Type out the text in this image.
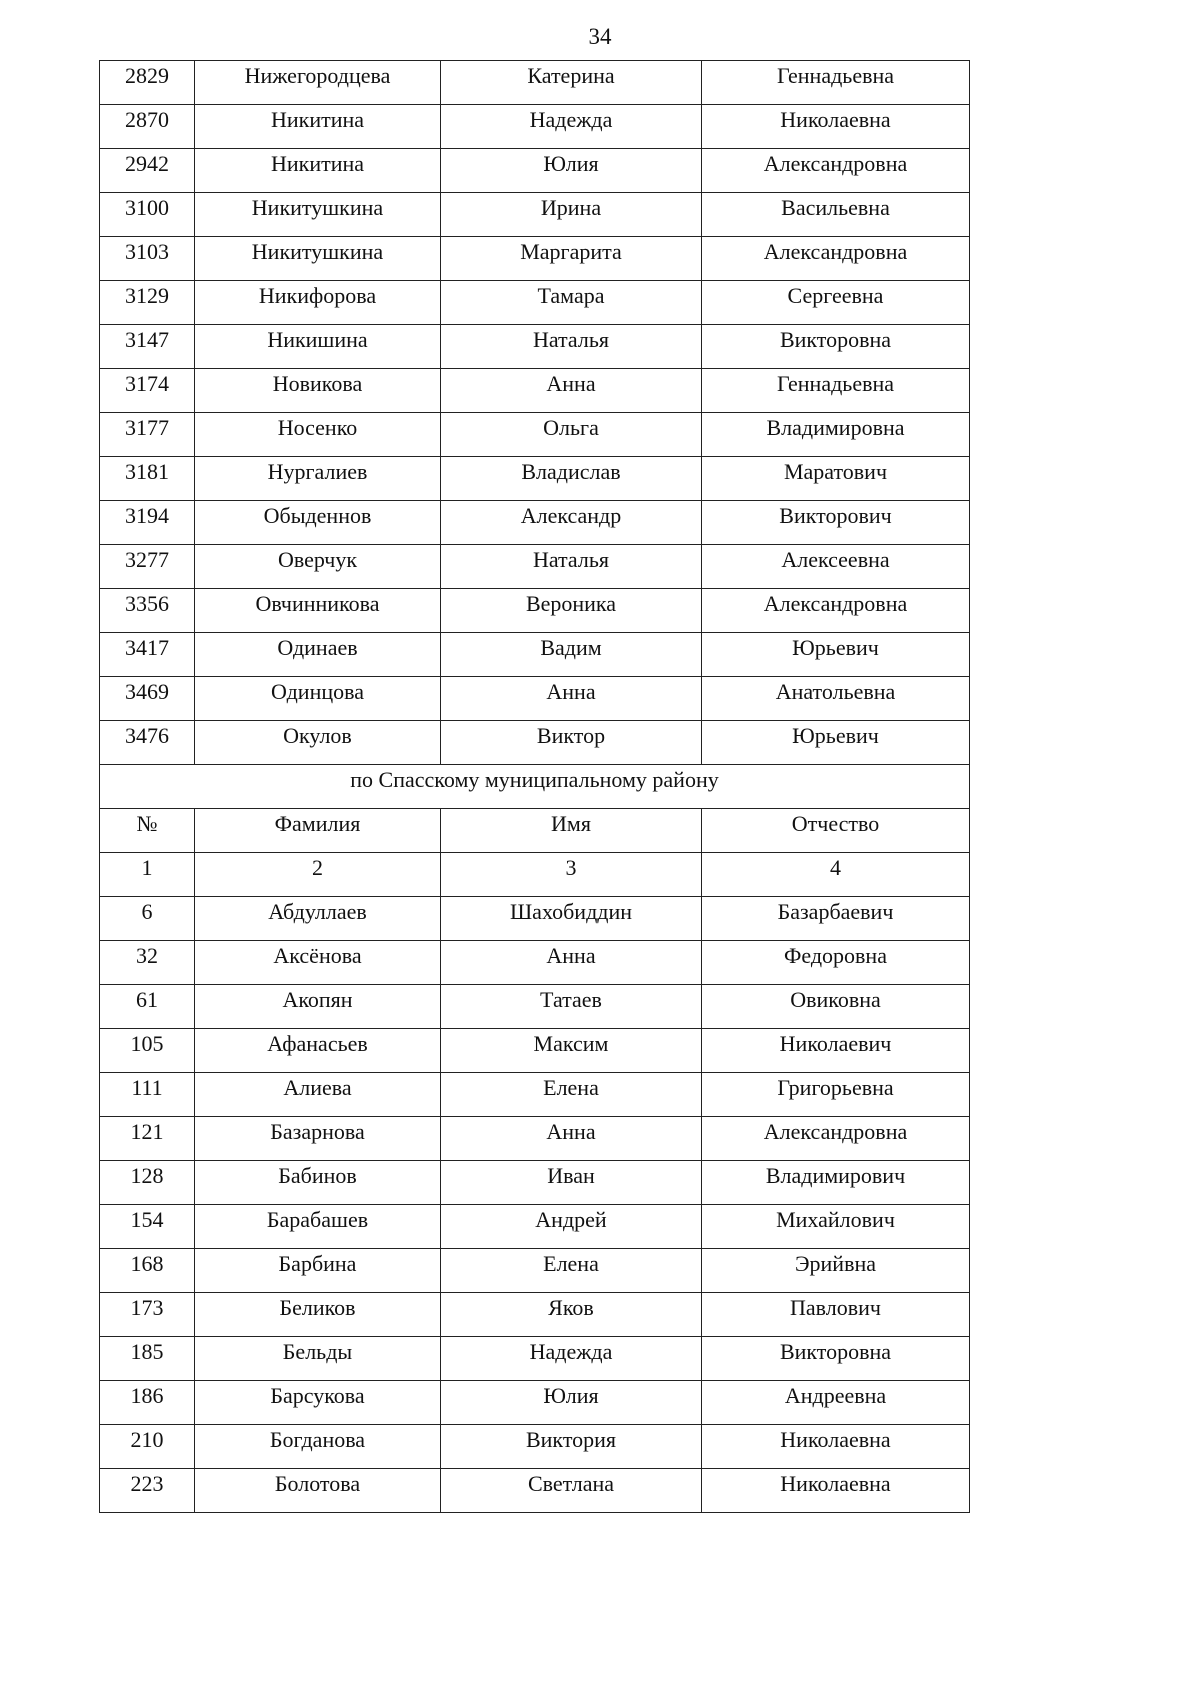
34
2829	Нижегородцева	Катерина	Геннадьевна
2870	Никитина	Надежда	Николаевна
2942	Никитина	Юлия	Александровна
3100	Никитушкина	Ирина	Васильевна
3103	Никитушкина	Маргарита	Александровна
3129	Никифорова	Тамара	Сергеевна
3147	Никишина	Наталья	Викторовна
3174	Новикова	Анна	Геннадьевна
3177	Носенко	Ольга	Владимировна
3181	Нургалиев	Владислав	Маратович
3194	Обыденнов	Александр	Викторович
3277	Оверчук	Наталья	Алексеевна
3356	Овчинникова	Вероника	Александровна
3417	Одинаев	Вадим	Юрьевич
3469	Одинцова	Анна	Анатольевна
3476	Окулов	Виктор	Юрьевич
по Спасскому муниципальному району			
№	Фамилия	Имя	Отчество
1	2	3	4
6	Абдуллаев	Шахобиддин	Базарбаевич
32	Аксёнова	Анна	Федоровна
61	Акопян	Татаев	Овиковна
105	Афанасьев	Максим	Николаевич
111	Алиева	Елена	Григорьевна
121	Базарнова	Анна	Александровна
128	Бабинов	Иван	Владимирович
154	Барабашев	Андрей	Михайлович
168	Барбина	Елена	Эрийвна
173	Беликов	Яков	Павлович
185	Бельды	Надежда	Викторовна
186	Барсукова	Юлия	Андреевна
210	Богданова	Виктория	Николаевна
223	Болотова	Светлана	Николаевна
